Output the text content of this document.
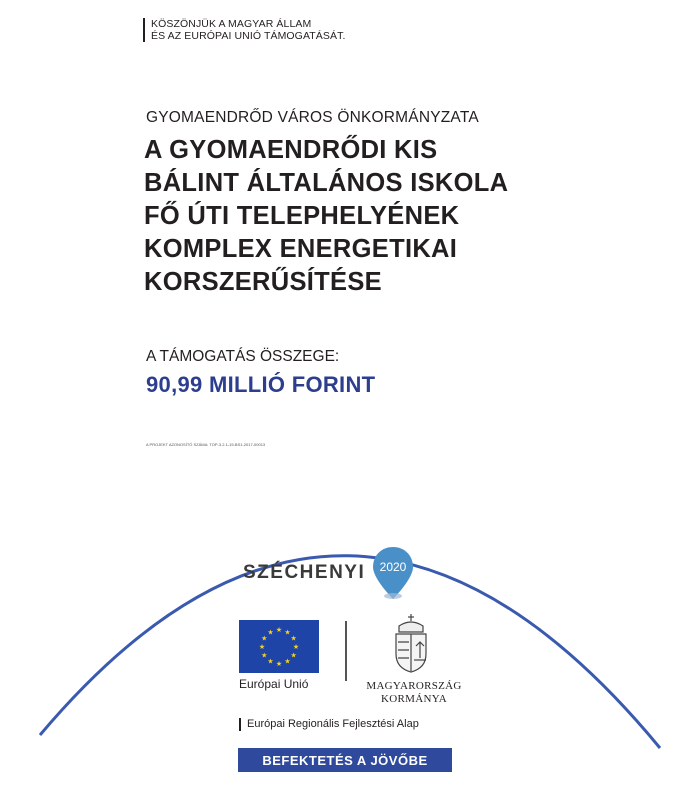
KÖSZÖNJÜK A MAGYAR ÁLLAM
ÉS AZ EURÓPAI UNIÓ TÁMOGATÁSÁT.
GYOMAENDRŐD VÁROS ÖNKORMÁNYZATA
A GYOMAENDRŐDI KIS
BÁLINT ÁLTALÁNOS ISKOLA
FŐ ÚTI TELEPHELYÉNEK
KOMPLEX ENERGETIKAI
KORSZERŰSÍTÉSE
A TÁMOGATÁS ÖSSZEGE:
90,99 MILLIÓ FORINT
A PROJEKT AZONOSÍTÓ SZÁMA: TOP-3.2.1-15-BS1-2017-00013
SZÉCHENYI 2020
★ ★
★
★
★
★
★
★
★
★
★
★
Európai Unió	MAGYARORSZÁG
KORMÁNYA
Európai Regionális Fejlesztési Alap
BEFEKTETÉS A JÖVŐBE
